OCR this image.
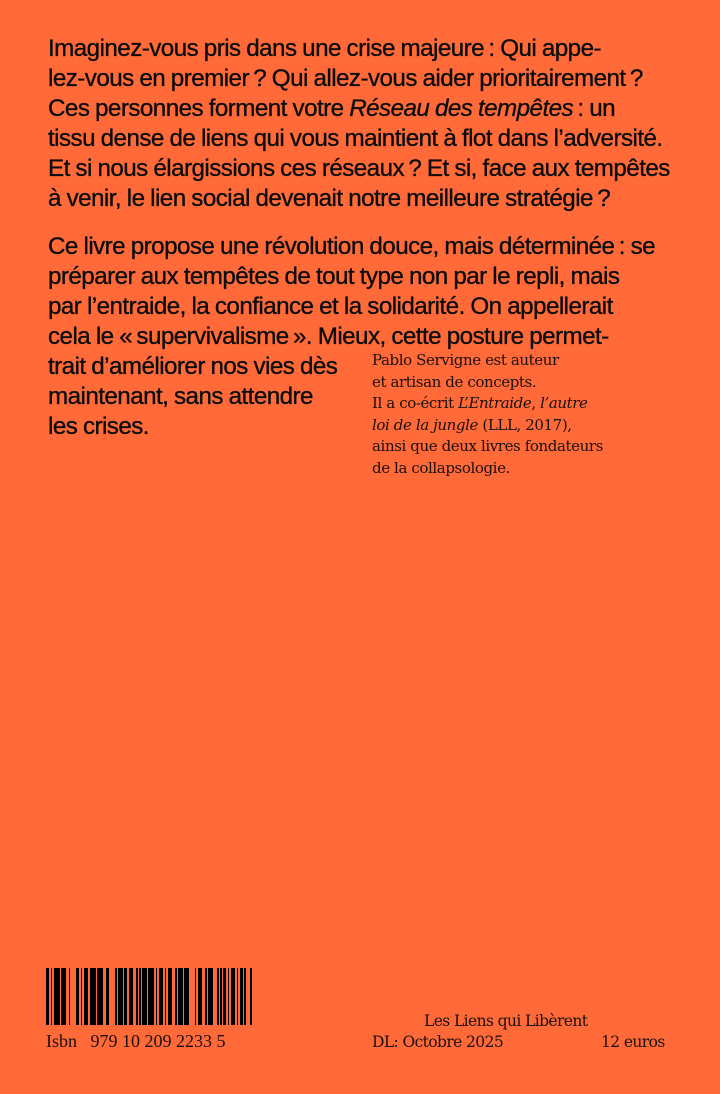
Imaginez-vous pris dans une crise majeure : Qui appe-

lez-vous en premier ? Qui allez-vous aider prioritairement ?

Ces personnes forment votre Réseau des tempêtes : un

tissu dense de liens qui vous maintient à flot dans l’adversité.

Et si nous élargissions ces réseaux ? Et si, face aux tempêtes

à venir, le lien social devenait notre meilleure stratégie ?

Ce livre propose une révolution douce, mais déterminée : se

préparer aux tempêtes de tout type non par le repli, mais

par l’entraide, la confiance et la solidarité. On appellerait

cela le « supervivalisme ». Mieux, cette posture permet-

trait d’améliorer nos vies dès

maintenant, sans attendre

les crises.

Pablo Servigne est auteur

et artisan de concepts.

Il a co-écrit L’Entraide, l’autre

loi de la jungle (LLL, 2017),

ainsi que deux livres fondateurs

de la collapsologie.

Isbn 979 10 209 2233 5
Les Liens qui Libèrent
DL: Octobre 2025	12 euros
